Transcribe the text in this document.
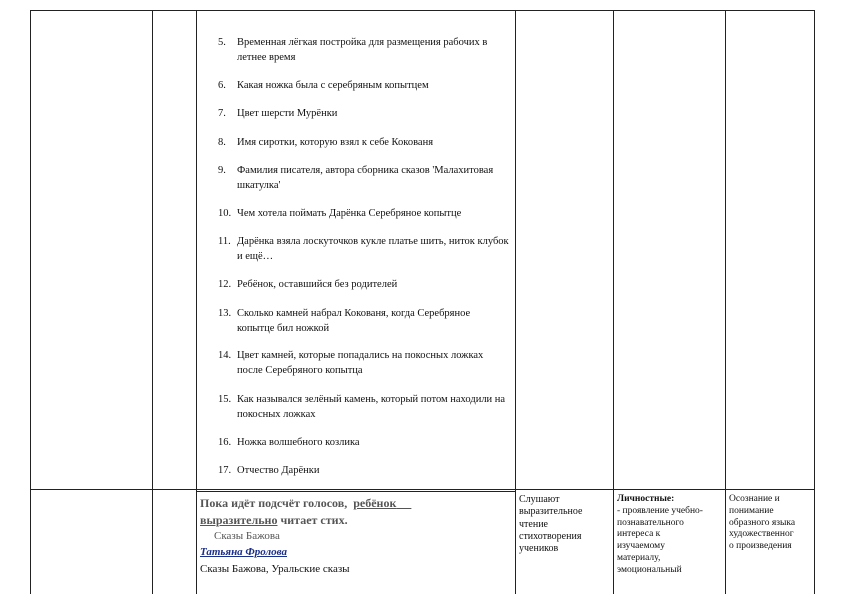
5. Временная лёгкая постройка для размещения рабочих в летнее время
6. Какая ножка была с серебряным копытцем
7. Цвет шерсти Мурёнки
8. Имя сиротки, которую взял к себе Кокованя
9. Фамилия писателя, автора сборника сказов 'Малахитовая шкатулка'
10. Чем хотела поймать Дарёнка Серебряное копытце
11. Дарёнка взяла лоскуточков кукле платье шить, ниток клубок и ещё…
12. Ребёнок, оставшийся без родителей
13. Сколько камней набрал Кокованя, когда Серебряное копытце бил ножкой
14. Цвет камней, которые попадались на покосных ложках после Серебряного копытца
15. Как назывался зелёный камень, который потом находили на покосных ложках
16. Ножка волшебного козлика
17. Отчество Дарёнки
Пока идёт подсчёт голосов, ребёнок
выразительно читает стих.
Сказы Бажова
Татьяна Фролова
Сказы Бажова, Уральские сказы
Слушают
выразительное
чтение
стихотворения
учеников
Личностные:
- проявление учебно-
познавательного
интереса к
изучаемому
материалу,
эмоциональный
Осознание и
понимание
образного языка
художественног
о произведения
